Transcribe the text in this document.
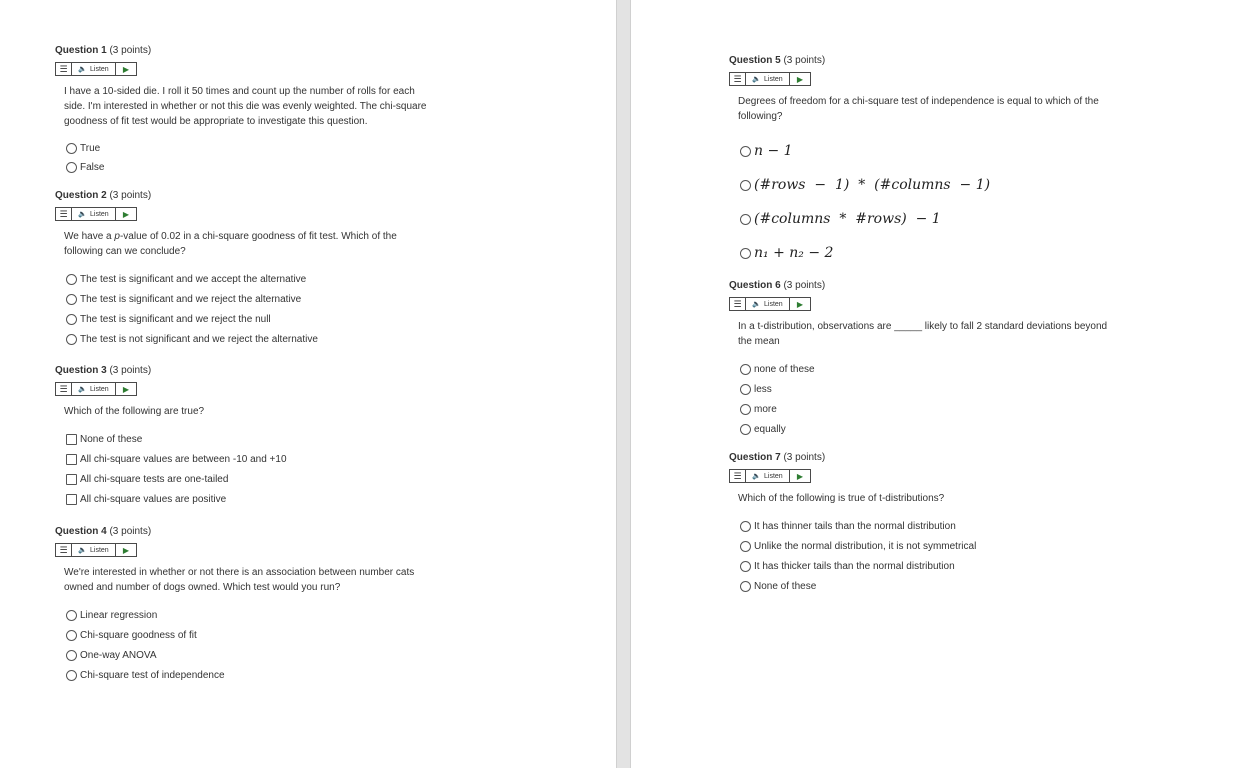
Question 1 (3 points)
☰	🔈 Listen	▶
I have a 10-sided die. I roll it 50 times and count up the number of rolls for each
side. I'm interested in whether or not this die was evenly weighted. The chi-square
goodness of fit test would be appropriate to investigate this question.
True
False
Question 2 (3 points)
☰	🔈 Listen	▶
We have a p-value of 0.02 in a chi-square goodness of fit test. Which of the
following can we conclude?
The test is significant and we accept the alternative
The test is significant and we reject the alternative
The test is significant and we reject the null
The test is not significant and we reject the alternative
Question 3 (3 points)
☰	🔈 Listen	▶
Which of the following are true?
None of these
All chi-square values are between -10 and +10
All chi-square tests are one-tailed
All chi-square values are positive
Question 4 (3 points)
☰	🔈 Listen	▶
We're interested in whether or not there is an association between number cats
owned and number of dogs owned. Which test would you run?
Linear regression
Chi-square goodness of fit
One-way ANOVA
Chi-square test of independence
Question 5 (3 points)
☰	🔈 Listen	▶
Degrees of freedom for a chi-square test of independence is equal to which of the
following?
n − 1
(#rows  −  1)  *  (#columns  − 1)
(#columns  *  #rows)  − 1
n₁ + n₂ − 2
Question 6 (3 points)
☰	🔈 Listen	▶
In a t-distribution, observations are _____ likely to fall 2 standard deviations beyond
the mean
none of these
less
more
equally
Question 7 (3 points)
☰	🔈 Listen	▶
Which of the following is true of t-distributions?
It has thinner tails than the normal distribution
Unlike the normal distribution, it is not symmetrical
It has thicker tails than the normal distribution
None of these
